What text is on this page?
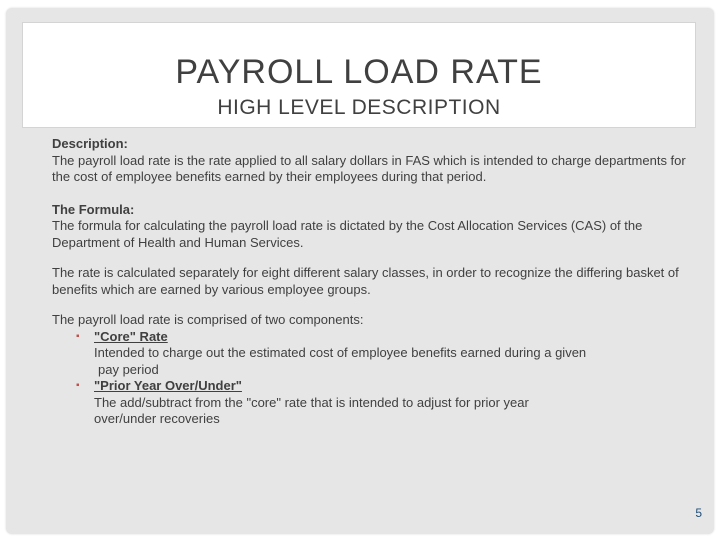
PAYROLL LOAD RATE
HIGH LEVEL DESCRIPTION
Description:

The payroll load rate is the rate applied to all salary dollars in FAS which is intended to charge departments for the cost of employee benefits earned by their employees during that period.

The Formula:

The formula for calculating the payroll load rate is dictated by the Cost Allocation Services (CAS) of the Department of Health and Human Services.

The rate is calculated separately for eight different salary classes, in order to recognize the differing basket of benefits which are earned by various employee groups.

The payroll load rate is comprised of two components:

▪	"Core" Rate
Intended to charge out the estimated cost of employee benefits earned during a given
pay period
▪	"Prior Year Over/Under"
The add/subtract from the "core" rate that is intended to adjust for prior year
over/under recoveries
5
